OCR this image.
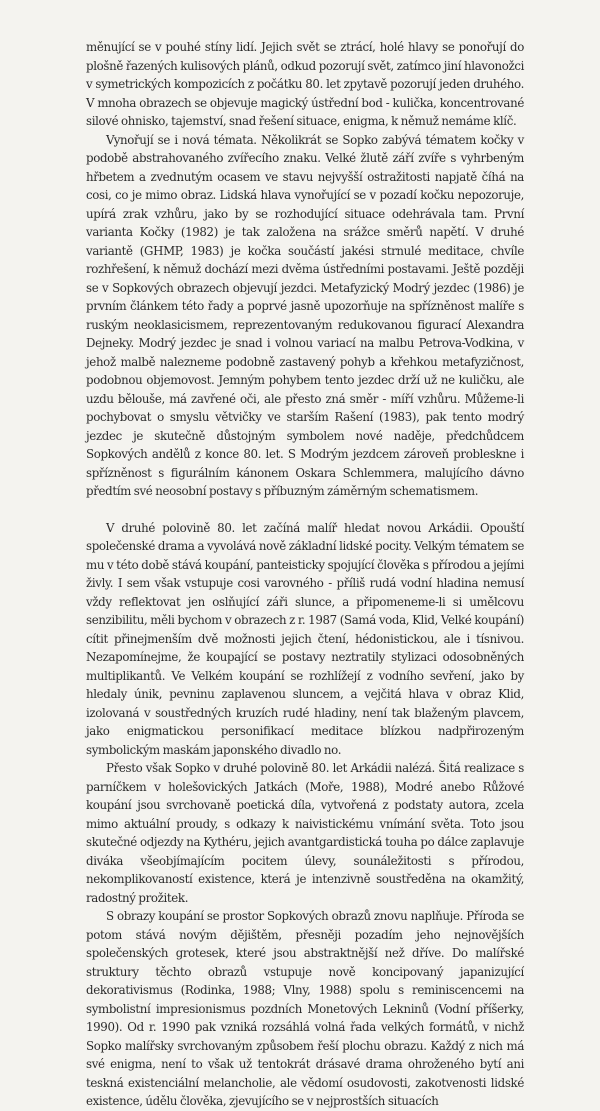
měnující se v pouhé stíny lidí. Jejich svět se ztrácí, holé hlavy se ponořují do plošně řazených kulisových plánů, odkud pozorují svět, zatímco jiní hlavonožci v symetrických kompozicích z počátku 80. let zpytavě pozorují jeden druhého. V mnoha obrazech se objevuje magický ústřední bod - kulička, koncentrované silové ohnisko, tajemství, snad řešení situace, enigma, k němuž nemáme klíč.

Vynořují se i nová témata. Několikrát se Sopko zabývá tématem kočky v podobě abstrahovaného zvířecího znaku. Velké žlutě září zvíře s vyhrbeným hřbetem a zvednutým ocasem ve stavu nejvyšší ostražitosti napjatě číhá na cosi, co je mimo obraz. Lidská hlava vynořující se v pozadí kočku nepozoruje, upírá zrak vzhůru, jako by se rozhodující situace odehrávala tam. První varianta Kočky (1982) je tak založena na srážce směrů napětí. V druhé variantě (GHMP, 1983) je kočka součástí jakési strnulé meditace, chvíle rozhřešení, k němuž dochází mezi dvěma ústředními postavami. Ještě později se v Sopkových obrazech objevují jezdci. Metafyzický Modrý jezdec (1986) je prvním článkem této řady a poprvé jasně upozorňuje na spřízněnost malíře s ruským neoklasicismem, reprezentovaným redukovanou figurací Alexandra Dejneky. Modrý jezdec je snad i volnou variací na malbu Petrova-Vodkina, v jehož malbě nalezneme podobně zastavený pohyb a křehkou metafyzičnost, podobnou objemovost. Jemným pohybem tento jezdec drží už ne kuličku, ale uzdu běloušе, má zavřené oči, ale přesto zná směr - míří vzhůru. Můžeme-li pochybovat o smyslu větvičky ve starším Rašení (1983), pak tento modrý jezdec je skutečně důstojným symbolem nové naděje, předchůdcem Sopkových andělů z konce 80. let. S Modrým jezdcem zároveň probleskne i spřízněnost s figurálním kánonem Oskara Schlemmera, malujícího dávno předtím své neosobní postavy s příbuzným záměrným schematismem.

V druhé polovině 80. let začíná malíř hledat novou Arkádii. Opouští společenské drama a vyvolává nově základní lidské pocity. Velkým tématem se mu v této době stává koupání, panteisticky spojující člověka s přírodou a jejími živly. I sem však vstupuje cosi varovného - příliš rudá vodní hladina nemusí vždy reflektovat jen oslňující záři slunce, a připomeneme-li si umělcovu senzibilitu, měli bychom v obrazech z r. 1987 (Samá voda, Klid, Velké koupání) cítit přinejmenším dvě možnosti jejich čtení, hédonistickou, ale i tísnivou. Nezapomínejme, že koupající se postavy neztratily stylizaci odosobněných multiplikantů. Ve Velkém koupání se rozhlížejí z vodního sevření, jako by hledaly únik, pevninu zaplavenou sluncem, a vejčitá hlava v obraz Klid, izolovaná v soustředných kruzích rudé hladiny, není tak blaženým plavcem, jako enigmatickou personifikací meditace blízkou nadpřirozeným symbolickým maskám japonského divadlo no.

Přesto však Sopko v druhé polovině 80. let Arkádii nalézá. Šitá realizace s parníčkem v holešovických Jatkách (Moře, 1988), Modré anebo Růžové koupání jsou svrchovaně poetická díla, vytvořená z podstaty autora, zcela mimo aktuální proudy, s odkazy k naivistickému vnímání světa. Toto jsou skutečné odjezdy na Kythéru, jejich avantgardistická touha po dálce zaplavuje diváka všeobjímajícím pocitem úlevy, sounáležitosti s přírodou, nekomplikovaností existence, která je intenzivně soustředěna na okamžitý, radostný prožitek.

S obrazy koupání se prostor Sopkových obrazů znovu naplňuje. Příroda se potom stává novým dějištěm, přesněji pozadím jeho nejnovějších společenských grotesek, které jsou abstraktnější než dříve. Do malířské struktury těchto obrazů vstupuje nově koncipovaný japanizující dekorativismus (Rodinka, 1988; Vlny, 1988) spolu s reminiscencemi na symbolistní impresionismus pozdních Monetových Lekninů (Vodní příšerky, 1990). Od r. 1990 pak vzniká rozsáhlá volná řada velkých formátů, v nichž Sopko malířsky svrchovaným způsobem řeší plochu obrazu. Každý z nich má své enigma, není to však už tentokrát drásavé drama ohroženého bytí ani teskná existenciální melancholie, ale vědomí osudovosti, zakotvenosti lidské existence, údělu člověka, zjevujícího se v nejprostších situacích
